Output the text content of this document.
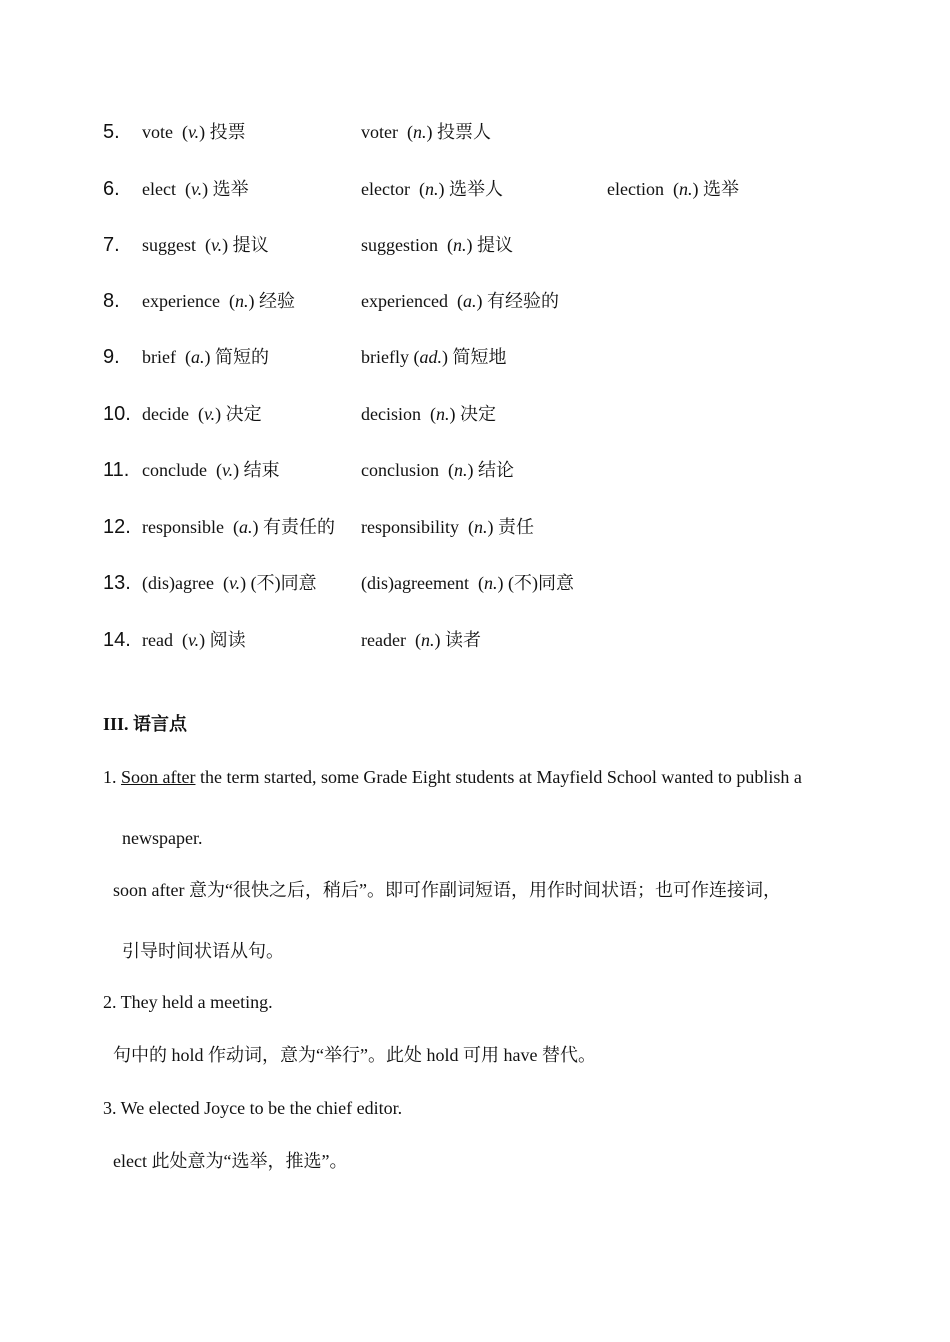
5. vote  (v.) 投票	voter  (n.) 投票人
6. elect  (v.) 选举	elector  (n.) 选举人	election  (n.) 选举
7. suggest  (v.) 提议	suggestion  (n.) 提议
8. experience  (n.) 经验	experienced  (a.) 有经验的
9. brief  (a.) 简短的	briefly (ad.) 简短地
10. decide  (v.) 决定	decision  (n.) 决定
11. conclude  (v.) 结束	conclusion  (n.) 结论
12. responsible  (a.) 有责任的 responsibility  (n.) 责任
13. (dis)agree  (v.) (不)同意 (dis)agreement  (n.) (不)同意
14. read  (v.) 阅读	reader  (n.) 读者
III. 语言点
1. Soon after the term started, some Grade Eight students at Mayfield School wanted to publish a
newspaper.
soon after 意为“很快之后，稍后”。即可作副词短语，用作时间状语；也可作连接词，
引导时间状语从句。
2. They held a meeting.
句中的 hold 作动词，意为“举行”。此处 hold 可用 have 替代。
3. We elected Joyce to be the chief editor.
elect 此处意为“选举，推选”。
